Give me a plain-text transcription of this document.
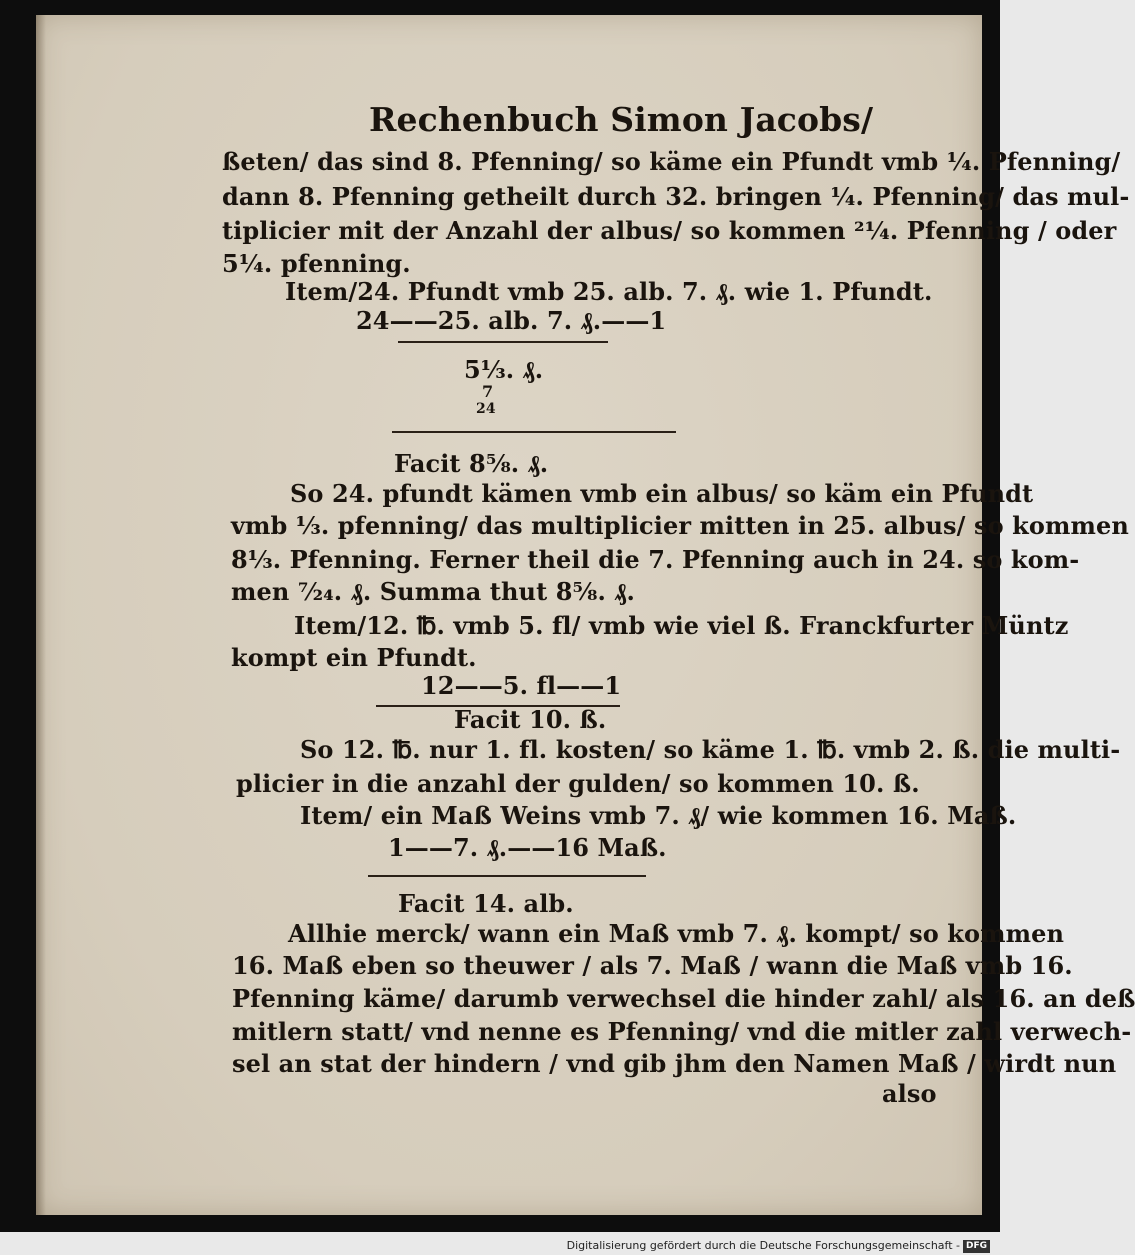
Rechenbuch Simon Jacobs/
ßeten/ das sind 8. Pfenning/ so käme ein Pfundt vmb ¼. Pfenning/
dann 8. Pfenning getheilt durch 32. bringen ¼. Pfenning/ das mul-
tiplicier mit der Anzahl der albus/ so kommen ²¹⁄₄. Pfenning / oder
5¼. pfenning.
Item/24. Pfundt vmb 25. alb. 7. ₰. wie 1. Pfundt.
24——25. alb. 7. ₰.——1
5⅓. ₰.
7
24
Facit 8⅝. ₰.
So 24. pfundt kämen vmb ein albus/ so käm ein Pfundt
vmb ⅓. pfenning/ das multiplicier mitten in 25. albus/ so kommen
8⅓. Pfenning. Ferner theil die 7. Pfenning auch in 24. so kom-
men ⁷⁄₂₄. ₰. Summa thut 8⅝. ₰.
Item/12. ℔. vmb 5. fl/ vmb wie viel ß. Franckfurter Müntz
kompt ein Pfundt.
12——5. fl——1
Facit 10. ß.
So 12. ℔. nur 1. fl. kosten/ so käme 1. ℔. vmb 2. ß. die multi-
plicier in die anzahl der gulden/ so kommen 10. ß.
Item/ ein Maß Weins vmb 7. ₰/ wie kommen 16. Maß.
1——7. ₰.——16 Maß.
Facit 14. alb.
Allhie merck/ wann ein Maß vmb 7. ₰. kompt/ so kommen
16. Maß eben so theuwer / als 7. Maß / wann die Maß vmb 16.
Pfenning käme/ darumb verwechsel die hinder zahl/ als 16. an deß
mitlern statt/ vnd nenne es Pfenning/ vnd die mitler zahl verwech-
sel an stat der hindern / vnd gib jhm den Namen Maß / wirdt nun
also
Digitalisierung gefördert durch die Deutsche Forschungsgemeinschaft - DFG
